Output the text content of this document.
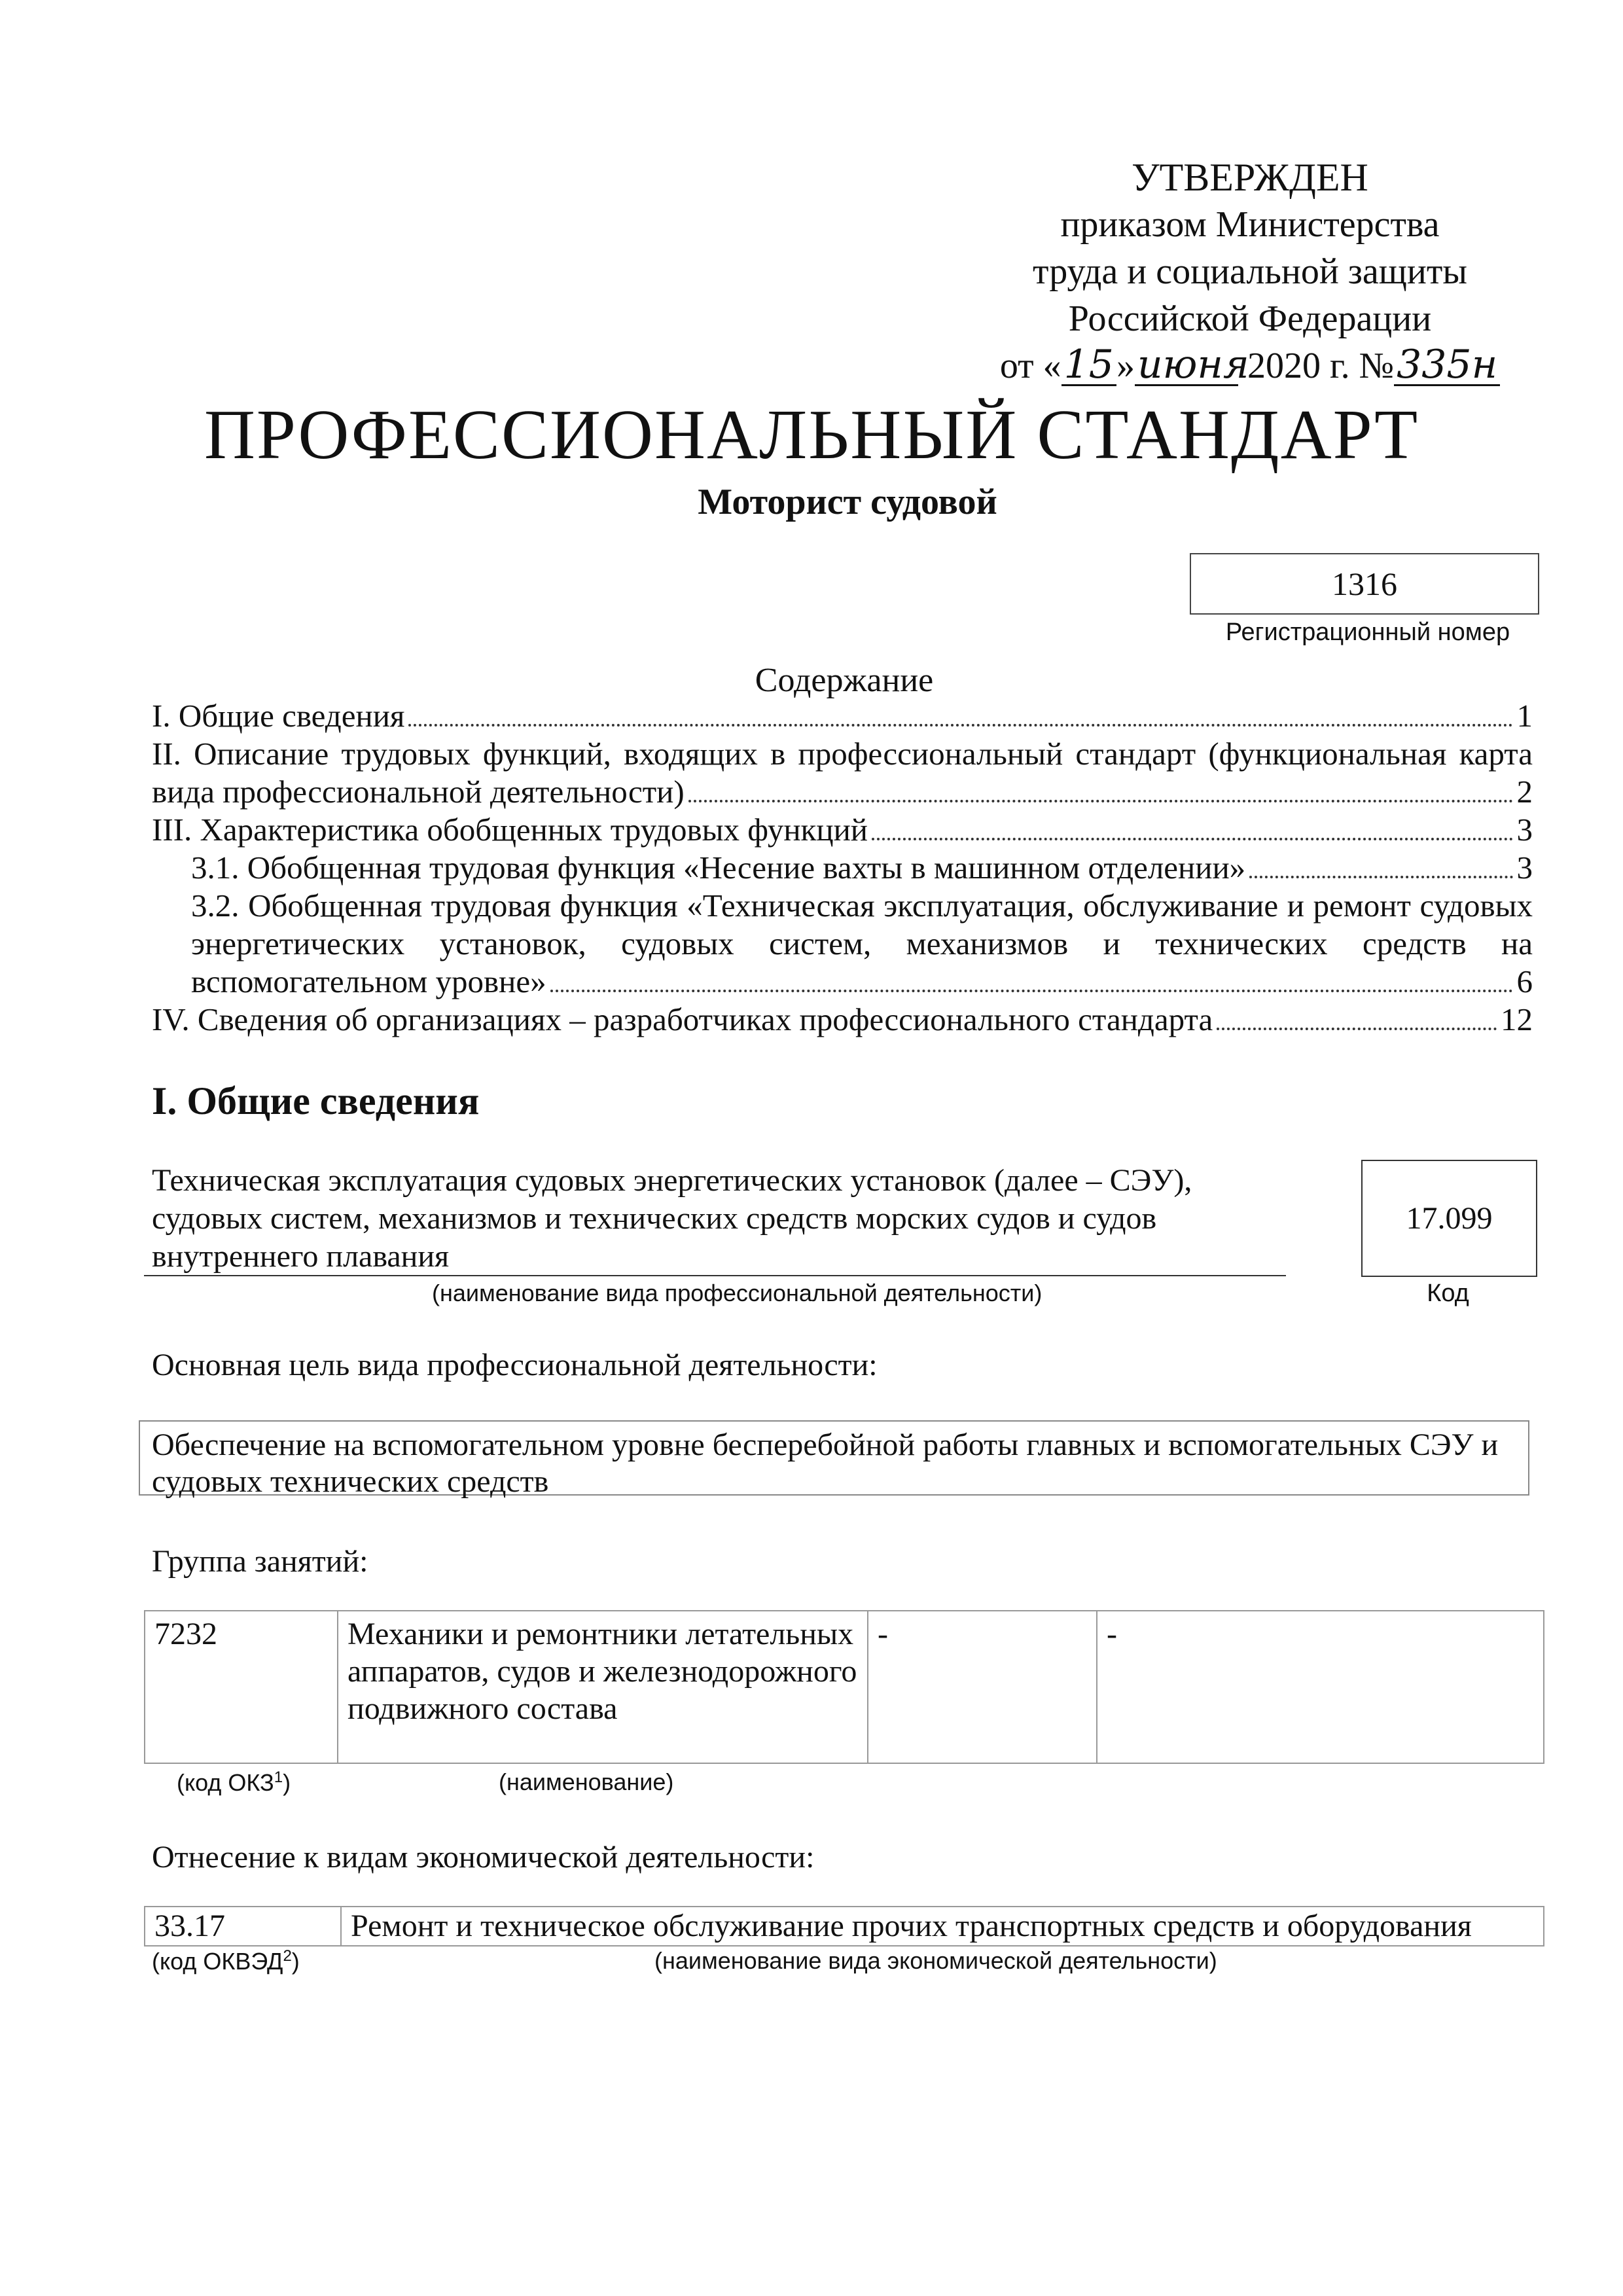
УТВЕРЖДЕН
приказом Министерства
труда и социальной защиты
Российской Федерации
от «15»июня 2020 г. №335н
ПРОФЕССИОНАЛЬНЫЙ СТАНДАРТ
Моторист судовой
1316
Регистрационный номер
Содержание
I. Общие сведения	1
II. Описание трудовых функций, входящих в профессиональный стандарт (функциональная карта
вида профессиональной деятельности)	2
III. Характеристика обобщенных трудовых функций	3
3.1. Обобщенная трудовая функция «Несение вахты в машинном отделении»	3
3.2. Обобщенная трудовая функция «Техническая эксплуатация, обслуживание и ремонт судовых энергетических установок, судовых систем, механизмов и технических средств на
вспомогательном уровне»	6
IV. Сведения об организациях – разработчиках профессионального стандарта	12
I. Общие сведения
Техническая эксплуатация судовых энергетических установок (далее – СЭУ), судовых систем, механизмов и технических средств морских судов и судов внутреннего плавания
(наименование вида профессиональной деятельности)
17.099
Код
Основная цель вида профессиональной деятельности:
Обеспечение на вспомогательном уровне бесперебойной работы главных и вспомогательных СЭУ и судовых технических средств
Группа занятий:
7232	Механики и ремонтники летательных аппаратов, судов и железнодорожного подвижного состава	-	-
(код ОКЗ$^1$)	(наименование)
Отнесение к видам экономической деятельности:
33.17	Ремонт и техническое обслуживание прочих транспортных средств и оборудования
(код ОКВЭД$^2$)	(наименование вида экономической деятельности)
